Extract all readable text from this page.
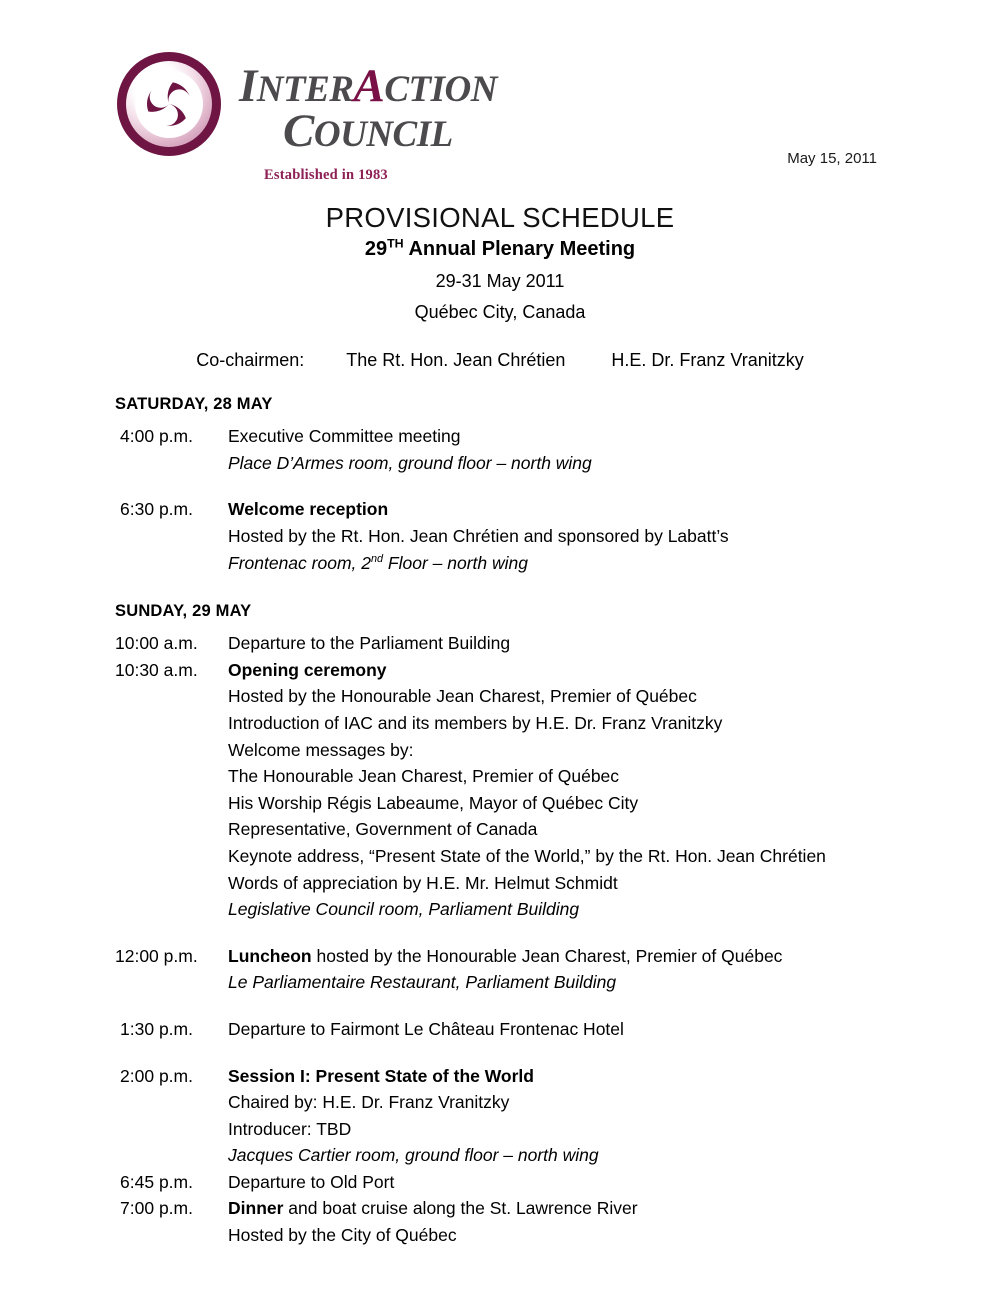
INTERACTION
COUNCIL
Established in 1983
May 15, 2011
PROVISIONAL SCHEDULE
29TH Annual Plenary Meeting
29-31 May 2011
Québec City, Canada
Co-chairmen: The Rt. Hon. Jean Chrétien	H.E. Dr. Franz Vranitzky
SATURDAY, 28 MAY
4:00 p.m.	Executive Committee meeting
Place D’Armes room, ground floor – north wing
6:30 p.m.	Welcome reception
Hosted by the Rt. Hon. Jean Chrétien and sponsored by Labatt’s
Frontenac room, 2nd Floor – north wing
SUNDAY, 29 MAY
10:00 a.m.	Departure to the Parliament Building
10:30 a.m.	Opening ceremony
Hosted by the Honourable Jean Charest, Premier of Québec
Introduction of IAC and its members by H.E. Dr. Franz Vranitzky
Welcome messages by:
The Honourable Jean Charest, Premier of Québec
His Worship Régis Labeaume, Mayor of Québec City
Representative, Government of Canada
Keynote address, “Present State of the World,” by the Rt. Hon. Jean Chrétien
Words of appreciation by H.E. Mr. Helmut Schmidt
Legislative Council room, Parliament Building
12:00 p.m.	Luncheon hosted by the Honourable Jean Charest, Premier of Québec
Le Parliamentaire Restaurant, Parliament Building
1:30 p.m.	Departure to Fairmont Le Château Frontenac Hotel
2:00 p.m.	Session I: Present State of the World
Chaired by: H.E. Dr. Franz Vranitzky
Introducer: TBD
Jacques Cartier room, ground floor – north wing
6:45 p.m.	Departure to Old Port
7:00 p.m.	Dinner and boat cruise along the St. Lawrence River
Hosted by the City of Québec
